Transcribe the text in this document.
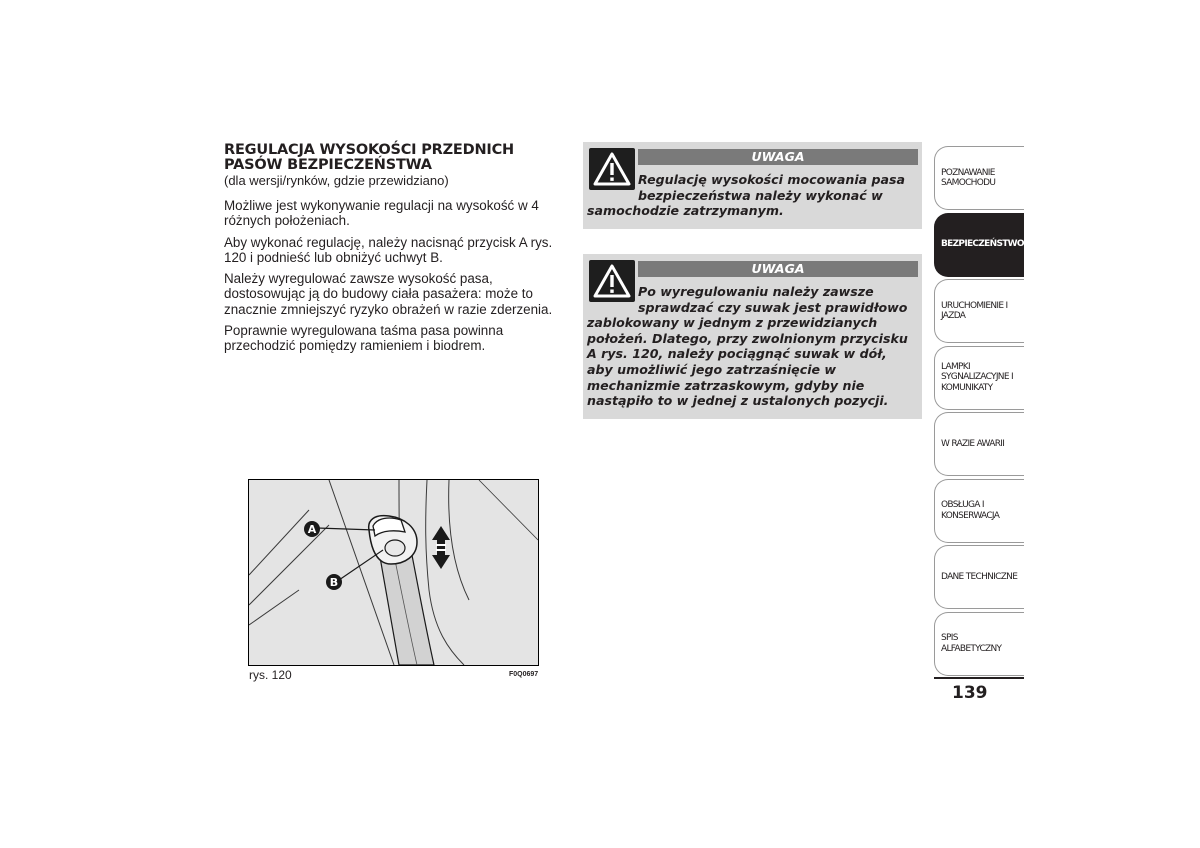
REGULACJA WYSOKOŚCI PRZEDNICH
PASÓW BEZPIECZEŃSTWA

(dla wersji/rynków, gdzie przewidziano)

Możliwe jest wykonywanie regulacji na wysokość w 4 różnych położeniach.

Aby wykonać regulację, należy nacisnąć przycisk A rys. 120 i podnieść lub obniżyć uchwyt B.

Należy wyregulować zawsze wysokość pasa, dostosowując ją do budowy ciała pasażera: może to znacznie zmniejszyć ryzyko obrażeń w razie zderzenia.

Poprawnie wyregulowana taśma pasa powinna przechodzić pomiędzy ramieniem i biodrem.

UWAGA

Regulację wysokości mocowania pasa bezpieczeństwa należy wykonać w
samochodzie zatrzymanym.

UWAGA

Po wyregulowaniu należy zawsze sprawdzać czy suwak jest prawidłowo
zablokowany w jednym z przewidzianych położeń. Dlatego, przy zwolnionym przycisku A rys. 120, należy pociągnąć suwak w dół, aby umożliwić jego zatrzaśnięcie w mechanizmie zatrzaskowym, gdyby nie nastąpiło to w jednej z ustalonych pozycji.

A
B
rys. 120	F0Q0697
POZNAWANIE SAMOCHODU
BEZPIECZEŃSTWO
URUCHOMIENIE I JAZDA
LAMPKI SYGNALIZACYJNE I KOMUNIKATY
W RAZIE AWARII
OBSŁUGA I KONSERWACJA
DANE TECHNICZNE
SPIS ALFABETYCZNY
139
